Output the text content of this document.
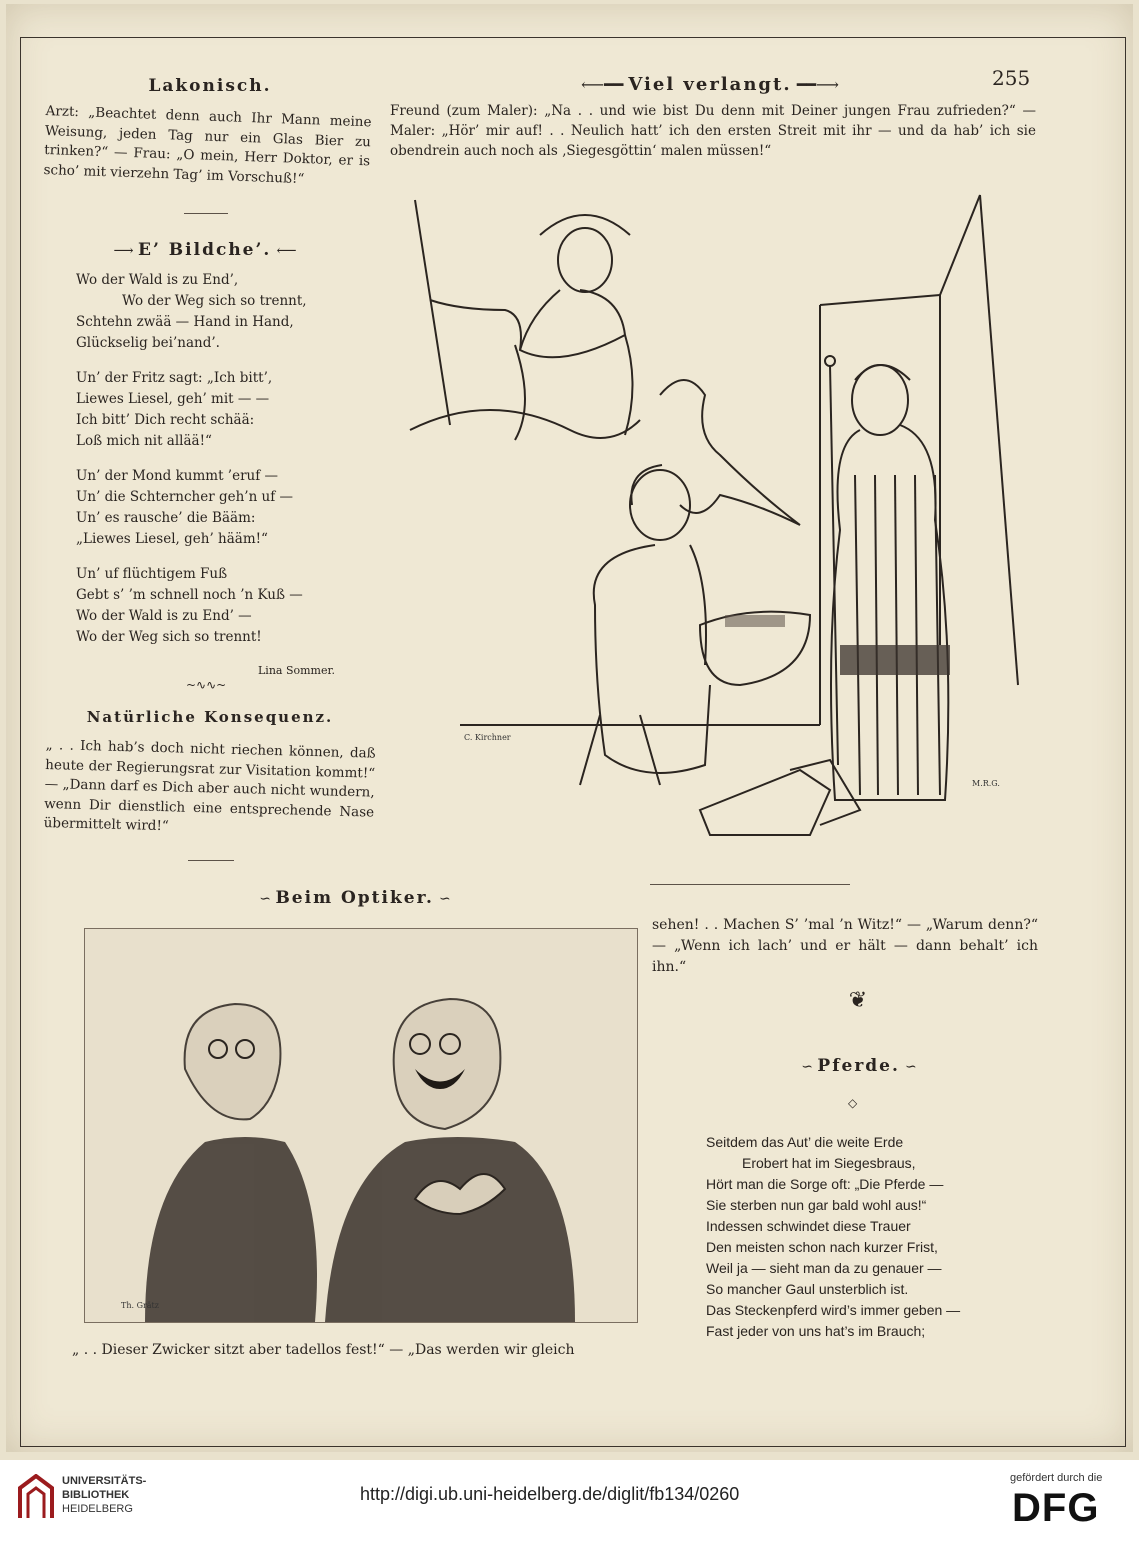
255
Lakonisch.
Arzt: „Beachtet denn auch Ihr Mann meine Weisung, jeden Tag nur ein Glas Bier zu trinken?“ — Frau: „O mein, Herr Doktor, er is scho’ mit vierzehn Tag’ im Vorschuß!“
⟵━━ Viel verlangt. ━━⟶
Freund (zum Maler): „Na . . und wie bist Du denn mit Deiner jungen Frau zufrieden?“ — Maler: „Hör’ mir auf! . . Neulich hatt’ ich den ersten Streit mit ihr — und da hab’ ich sie obendrein auch noch als ‚Siegesgöttin‘ malen müssen!“
C. Kirchner
M.R.G.
⟶ E’ Bildche’. ⟵

Wo der Wald is zu End’,

Wo der Weg sich so trennt,

Schtehn zwää — Hand in Hand,

Glückselig bei’nand’.

Un’ der Fritz sagt: „Ich bitt’,

Liewes Liesel, geh’ mit — —

Ich bitt’ Dich recht schää:

Loß mich nit allää!“

Un’ der Mond kummt ’eruf —

Un’ die Schterncher geh’n uf —

Un’ es rausche’ die Bääm:

„Liewes Liesel, geh’ hääm!“

Un’ uf flüchtigem Fuß

Gebt s’ ’m schnell noch ’n Kuß —

Wo der Wald is zu End’ —

Wo der Weg sich so trennt!

Lina Sommer.
~∿∿~
Natürliche Konsequenz.
„ . . Ich hab’s doch nicht riechen können, daß heute der Regierungsrat zur Visitation kommt!“ — „Dann darf es Dich aber auch nicht wundern, wenn Dir dienstlich eine entsprechende Nase übermittelt wird!“
∽ Beim Optiker. ∽
Th. Grätz
„ . . Dieser Zwicker sitzt aber tadellos fest!“ — „Das werden wir gleich
sehen! . . Machen S’ ’mal ’n Witz!“ — „Warum denn?“ — „Wenn ich lach’ und er hält — dann behalt’ ich ihn.“
❦
∽ Pferde. ∽
◇

Seitdem das Aut’ die weite Erde

Erobert hat im Siegesbraus,

Hört man die Sorge oft: „Die Pferde —

Sie sterben nun gar bald wohl aus!“

Indessen schwindet diese Trauer

Den meisten schon nach kurzer Frist,

Weil ja — sieht man da zu genauer —

So mancher Gaul unsterblich ist.

Das Steckenpferd wird’s immer geben —

Fast jeder von uns hat’s im Brauch;

UNIVERSITÄTS-
BIBLIOTHEK
HEIDELBERG
http://digi.ub.uni-heidelberg.de/diglit/fb134/0260
gefördert durch die
DFG
